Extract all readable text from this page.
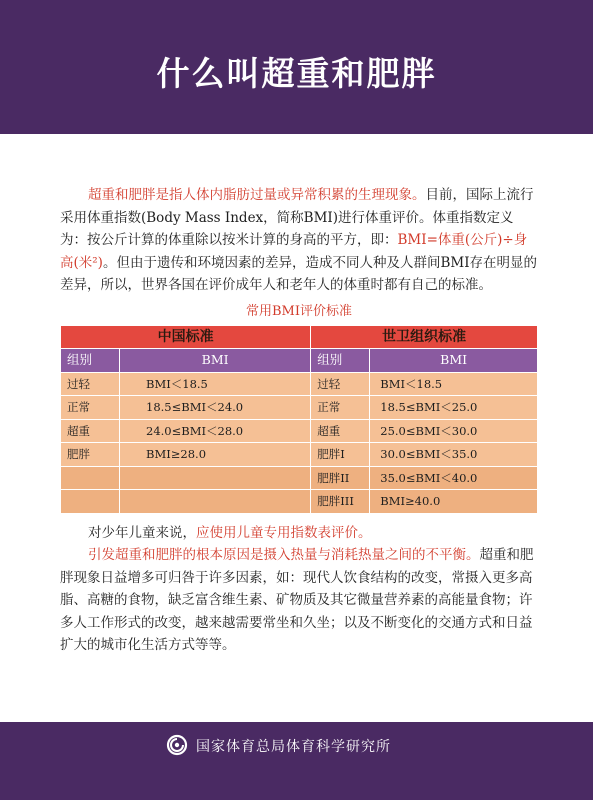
什么叫超重和肥胖

超重和肥胖是指人体内脂肪过量或异常积累的生理现象。目前，国际上流行采用体重指数(Body Mass Index，简称BMI)进行体重评价。体重指数定义为：按公斤计算的体重除以按米计算的身高的平方，即：BMI=体重(公斤)÷身高(米²)。但由于遗传和环境因素的差异，造成不同人种及人群间BMI存在明显的差异，所以，世界各国在评价成年人和老年人的体重时都有自己的标准。

常用BMI评价标准
中国标准		世卫组织标准	
组别	BMI	组别	BMI
过轻	BMI＜18.5	过轻	BMI＜18.5
正常	18.5≤BMI＜24.0	正常	18.5≤BMI＜25.0
超重	24.0≤BMI＜28.0	超重	25.0≤BMI＜30.0
肥胖	BMI≥28.0	肥胖I	30.0≤BMI＜35.0
		肥胖II	35.0≤BMI＜40.0
		肥胖III	BMI≥40.0

对少年儿童来说，应使用儿童专用指数表评价。

引发超重和肥胖的根本原因是摄入热量与消耗热量之间的不平衡。超重和肥胖现象日益增多可归咎于许多因素，如：现代人饮食结构的改变，常摄入更多高脂、高糖的食物，缺乏富含维生素、矿物质及其它微量营养素的高能量食物；许多人工作形式的改变，越来越需要常坐和久坐；以及不断变化的交通方式和日益扩大的城市化生活方式等等。

国家体育总局体育科学研究所
